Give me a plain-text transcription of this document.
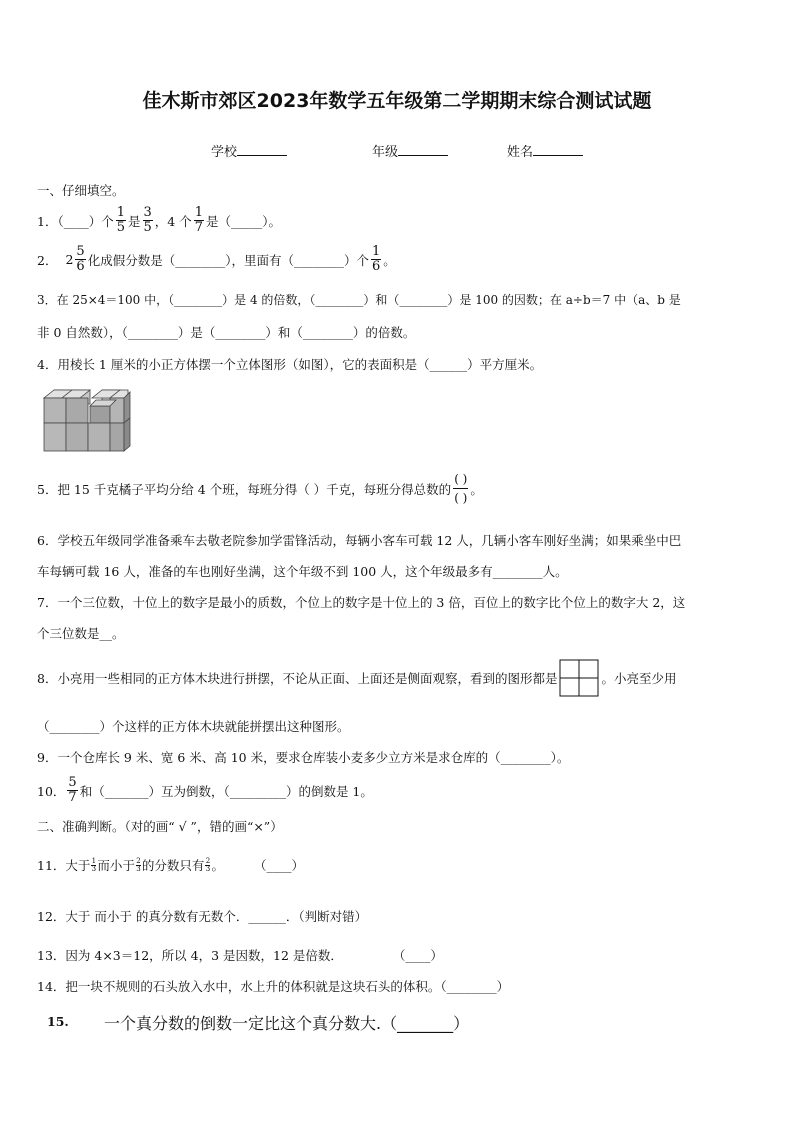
佳木斯市郊区2023年数学五年级第二学期期末综合测试试题
学校	年级	姓名
一、仔细填空。
1．（____）个 $\frac{1}{5}$ 是 $\frac{3}{5}$ ，4 个 $\frac{1}{7}$ 是（_____）。
2． $2 \frac{5}{6}$ 化成假分数是（________），里面有（________）个 $\frac{1}{6}$ 。
3．在 25×4＝100 中，（________）是 4 的倍数，（________）和（________）是 100 的因数；在 a÷b＝7 中（a、b 是
非 0 自然数），（________）是（________）和（________）的倍数。
4．用棱长 1 厘米的小正方体摆一个立体图形（如图），它的表面积是（______）平方厘米。
5．把 15 千克橘子平均分给 4 个班，每班分得（ ）千克，每班分得总数的 $\frac{( )}{( )}$ 。
6．学校五年级同学准备乘车去敬老院参加学雷锋活动，每辆小客车可载 12 人，几辆小客车刚好坐满；如果乘坐中巴
车每辆可载 16 人，准备的车也刚好坐满，这个年级不到 100 人，这个年级最多有________人。
7．一个三位数，十位上的数字是最小的质数，个位上的数字是十位上的 3 倍，百位上的数字比个位上的数字大 2，这
个三位数是__。
8．小亮用一些相同的正方体木块进行拼摆，不论从正面、上面还是侧面观察，看到的图形都是	。小亮至少用
（________）个这样的正方体木块就能拼摆出这种图形。
9．一个仓库长 9 米、宽 6 米、高 10 米，要求仓库装小麦多少立方米是求仓库的（________）。
10． $\frac{5}{7}$ 和（_______）互为倒数，（_________）的倒数是 1。
二、准确判断。（对的画“ √ ”，错的画“×”）
11．大于 1
3 而小于 2
3 的分数只有 2
3 。 （____）
12．大于 而小于 的真分数有无数个．______．（判断对错）
13．因为 4×3＝12，所以 4，3 是因数，12 是倍数．	（____）
14．把一块不规则的石头放入水中，水上升的体积就是这块石头的体积。（________）
15. 一个真分数的倒数一定比这个真分数大.（_______）
